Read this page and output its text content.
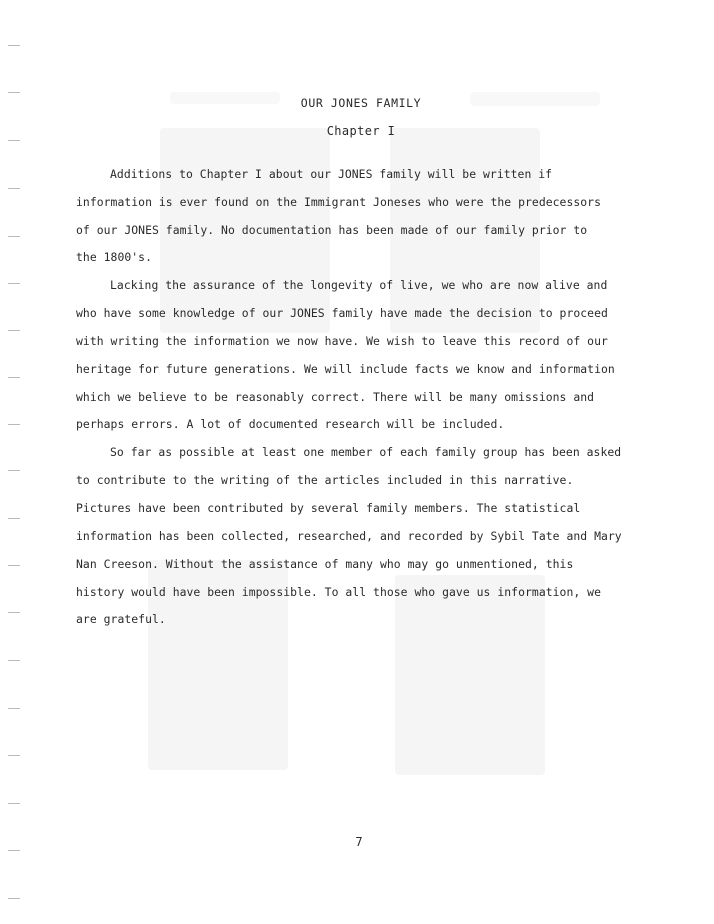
OUR JONES FAMILY
Chapter I
Additions to Chapter I about our JONES family will be written if
information is ever found on the Immigrant Joneses who were the predecessors
of our JONES family. No documentation has been made of our family prior to
the 1800's.
Lacking the assurance of the longevity of live, we who are now alive and
who have some knowledge of our JONES family have made the decision to proceed
with writing the information we now have. We wish to leave this record of our
heritage for future generations. We will include facts we know and information
which we believe to be reasonably correct. There will be many omissions and
perhaps errors. A lot of documented research will be included.
So far as possible at least one member of each family group has been asked
to contribute to the writing of the articles included in this narrative.
Pictures have been contributed by several family members. The statistical
information has been collected, researched, and recorded by Sybil Tate and Mary
Nan Creeson. Without the assistance of many who may go unmentioned, this
history would have been impossible. To all those who gave us information, we
are grateful.
7
